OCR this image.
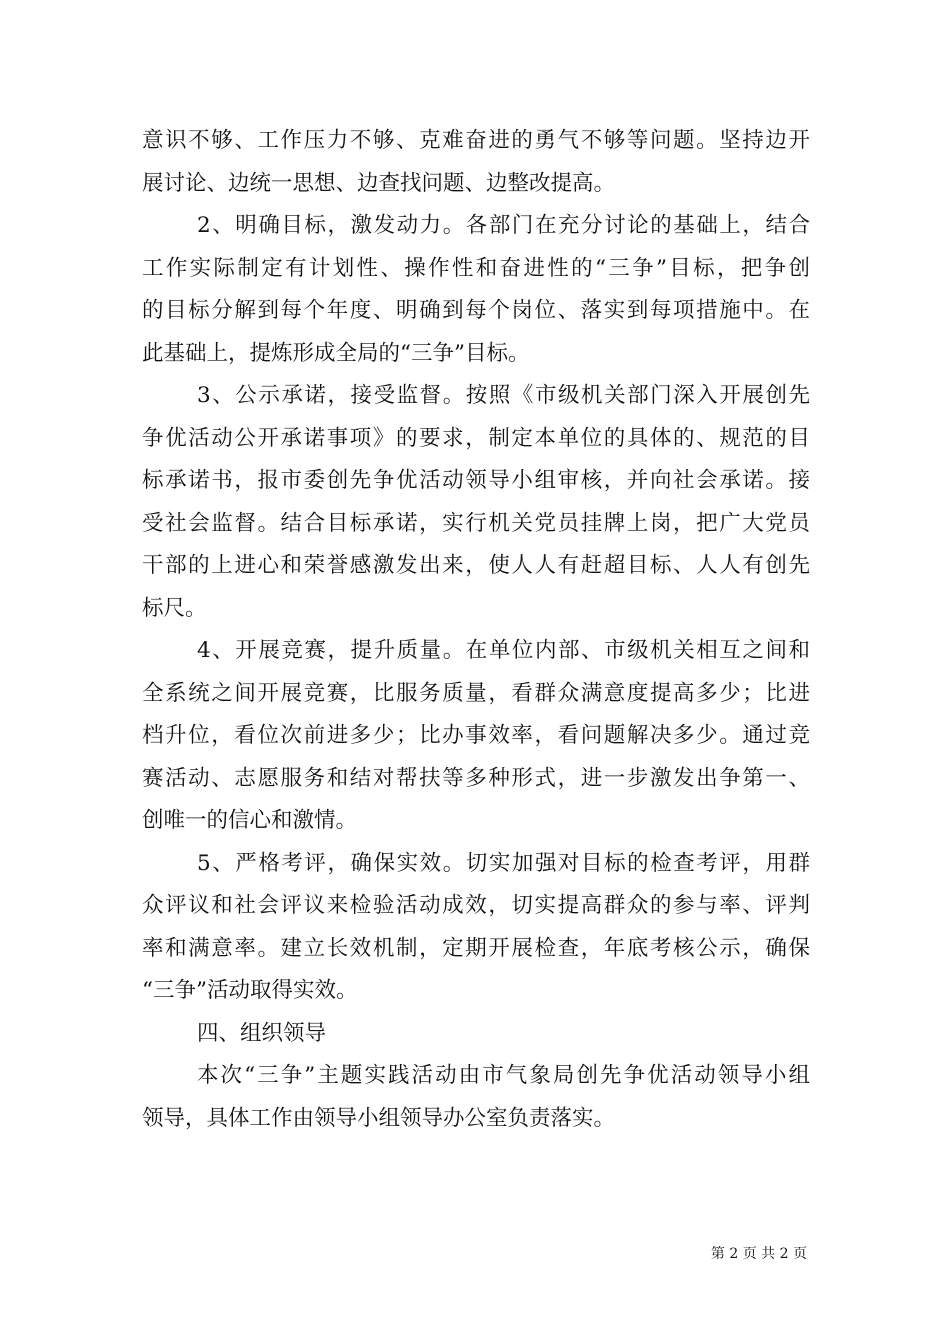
意识不够、工作压力不够、克难奋进的勇气不够等问题。坚持边开
展讨论、边统一思想、边查找问题、边整改提高。
2、明确目标，激发动力。各部门在充分讨论的基础上，结合
工作实际制定有计划性、操作性和奋进性的“三争”目标，把争创
的目标分解到每个年度、明确到每个岗位、落实到每项措施中。在
此基础上，提炼形成全局的“三争”目标。
3、公示承诺，接受监督。按照《市级机关部门深入开展创先
争优活动公开承诺事项》的要求，制定本单位的具体的、规范的目
标承诺书，报市委创先争优活动领导小组审核，并向社会承诺。接
受社会监督。结合目标承诺，实行机关党员挂牌上岗，把广大党员
干部的上进心和荣誉感激发出来，使人人有赶超目标、人人有创先
标尺。
4、开展竞赛，提升质量。在单位内部、市级机关相互之间和
全系统之间开展竞赛，比服务质量，看群众满意度提高多少；比进
档升位，看位次前进多少；比办事效率，看问题解决多少。通过竞
赛活动、志愿服务和结对帮扶等多种形式，进一步激发出争第一、
创唯一的信心和激情。
5、严格考评，确保实效。切实加强对目标的检查考评，用群
众评议和社会评议来检验活动成效，切实提高群众的参与率、评判
率和满意率。建立长效机制，定期开展检查，年底考核公示，确保
“三争”活动取得实效。
四、组织领导
本次“三争”主题实践活动由市气象局创先争优活动领导小组
领导，具体工作由领导小组领导办公室负责落实。
第 2 页 共 2 页
